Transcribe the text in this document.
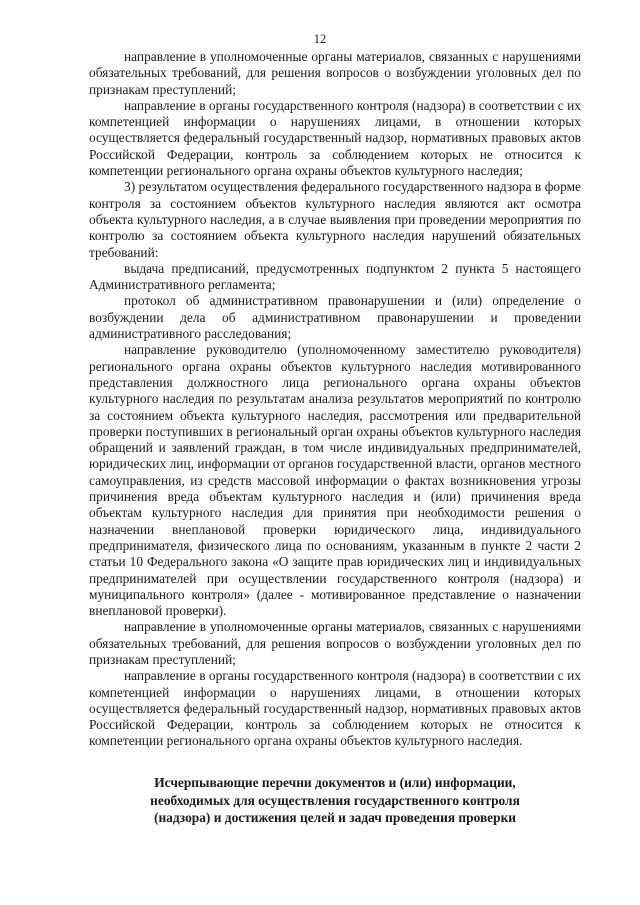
12

направление в уполномоченные органы материалов, связанных с нарушениями обязательных требований, для решения вопросов о возбуждении уголовных дел по признакам преступлений;

направление в органы государственного контроля (надзора) в соответствии с их компетенцией информации о нарушениях лицами, в отношении которых осуществляется федеральный государственный надзор, нормативных правовых актов Российской Федерации, контроль за соблюдением которых не относится к компетенции регионального органа охраны объектов культурного наследия;

3) результатом осуществления федерального государственного надзора в форме контроля за состоянием объектов культурного наследия являются акт осмотра объекта культурного наследия, а в случае выявления при проведении мероприятия по контролю за состоянием объекта культурного наследия нарушений обязательных требований:

выдача предписаний, предусмотренных подпунктом 2 пункта 5 настоящего Административного регламента;

протокол об административном правонарушении и (или) определение о возбуждении дела об административном правонарушении и проведении административного расследования;

направление руководителю (уполномоченному заместителю руководителя) регионального органа охраны объектов культурного наследия мотивированного представления должностного лица регионального органа охраны объектов культурного наследия по результатам анализа результатов мероприятий по контролю за состоянием объекта культурного наследия, рассмотрения или предварительной проверки поступивших в региональный орган охраны объектов культурного наследия обращений и заявлений граждан, в том числе индивидуальных предпринимателей, юридических лиц, информации от органов государственной власти, органов местного самоуправления, из средств массовой информации о фактах возникновения угрозы причинения вреда объектам культурного наследия и (или) причинения вреда объектам культурного наследия для принятия при необходимости решения о назначении внеплановой проверки юридического лица, индивидуального предпринимателя, физического лица по основаниям, указанным в пункте 2 части 2 статьи 10 Федерального закона «О защите прав юридических лиц и индивидуальных предпринимателей при осуществлении государственного контроля (надзора) и муниципального контроля» (далее - мотивированное представление о назначении внеплановой проверки).

направление в уполномоченные органы материалов, связанных с нарушениями обязательных требований, для решения вопросов о возбуждении уголовных дел по признакам преступлений;

направление в органы государственного контроля (надзора) в соответствии с их компетенцией информации о нарушениях лицами, в отношении которых осуществляется федеральный государственный надзор, нормативных правовых актов Российской Федерации, контроль за соблюдением которых не относится к компетенции регионального органа охраны объектов культурного наследия.

Исчерпывающие перечни документов и (или) информации,
необходимых для осуществления государственного контроля
(надзора) и достижения целей и задач проведения проверки
